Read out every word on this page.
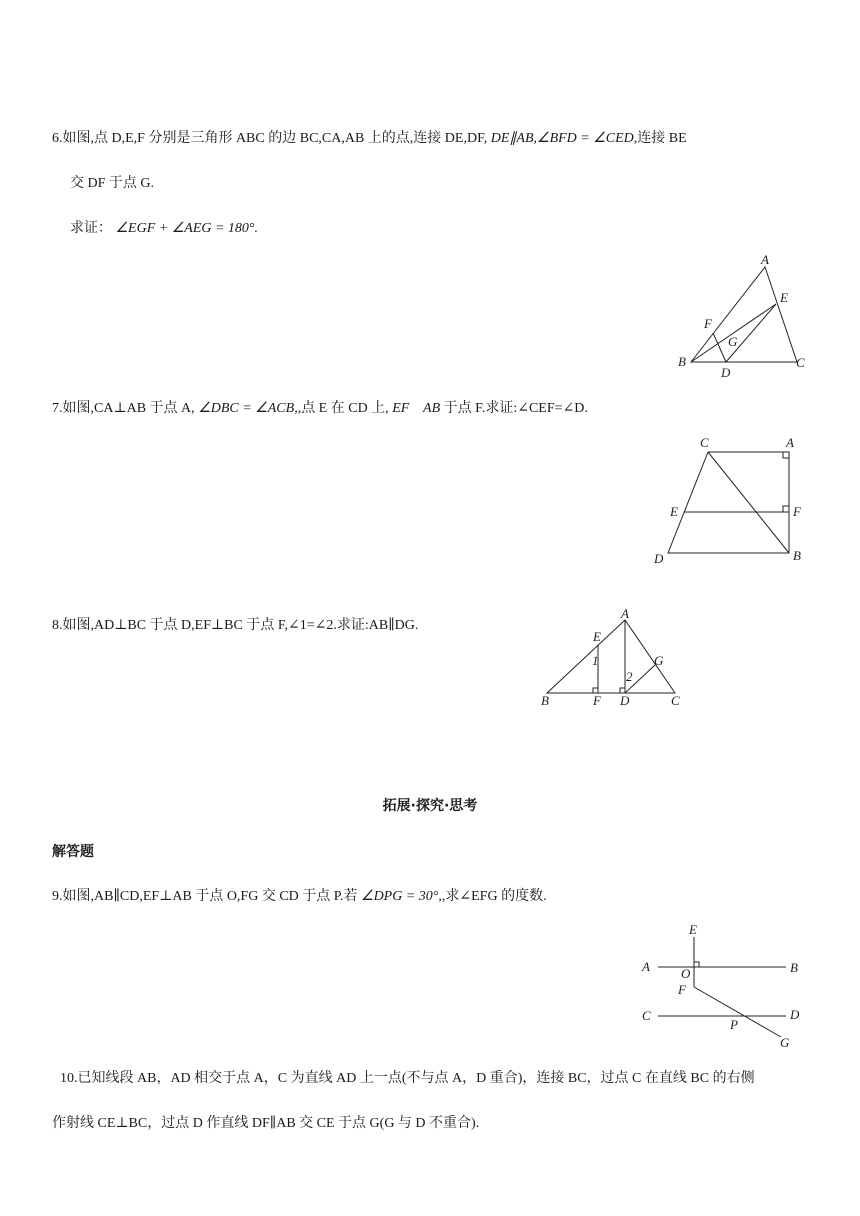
6.如图,点 D,E,F 分别是三角形 ABC 的边 BC,CA,AB 上的点,连接 DE,DF, DE∥AB,∠BFD = ∠CED,连接 BE
交 DF 于点 G.
求证： ∠EGF + ∠AEG = 180°.
A
E
F
G
B
D
C
7.如图,CA⊥AB 于点 A, ∠DBC = ∠ACB,,点 E 在 CD 上, EF    AB 于点 F.求证:∠CEF=∠D.
C	A
E	F
D	B
8.如图,AD⊥BC 于点 D,EF⊥BC 于点 F,∠1=∠2.求证:AB∥DG.
A
E
G
1
2
B	F D	C
拓展·探究·思考
解答题
9.如图,AB∥CD,EF⊥AB 于点 O,FG 交 CD 于点 P.若 ∠DPG = 30°,,求∠EFG 的度数.
E
A O	B
F
C	D
P
G
10.已知线段 AB，AD 相交于点 A，C 为直线 AD 上一点(不与点 A，D 重合)，连接 BC，过点 C 在直线 BC 的右侧
作射线 CE⊥BC，过点 D 作直线 DF∥AB 交 CE 于点 G(G 与 D 不重合).
